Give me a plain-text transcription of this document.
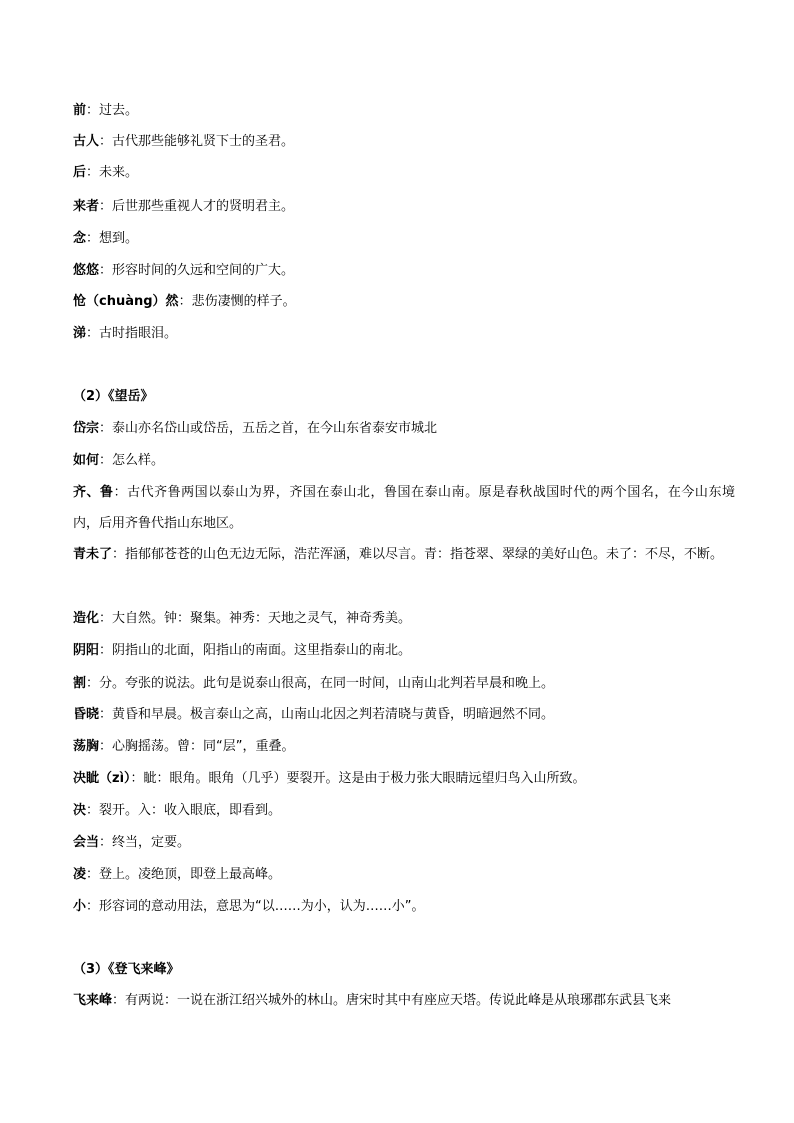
前：过去。

古人：古代那些能够礼贤下士的圣君。

后：未来。

来者：后世那些重视人才的贤明君主。

念：想到。

悠悠：形容时间的久远和空间的广大。

怆（chuàng）然：悲伤凄恻的样子。

涕：古时指眼泪。

（2）《望岳》

岱宗：泰山亦名岱山或岱岳，五岳之首，在今山东省泰安市城北

如何：怎么样。

齐、鲁：古代齐鲁两国以泰山为界，齐国在泰山北，鲁国在泰山南。原是春秋战国时代的两个国名，在今山东境内，后用齐鲁代指山东地区。

青未了：指郁郁苍苍的山色无边无际，浩茫浑涵，难以尽言。青：指苍翠、翠绿的美好山色。未了：不尽，不断。

造化：大自然。钟：聚集。神秀：天地之灵气，神奇秀美。

阴阳：阴指山的北面，阳指山的南面。这里指泰山的南北。

割：分。夸张的说法。此句是说泰山很高，在同一时间，山南山北判若早晨和晚上。

昏晓：黄昏和早晨。极言泰山之高，山南山北因之判若清晓与黄昏，明暗迥然不同。

荡胸：心胸摇荡。曾：同“层”，重叠。

决眦（zì）：眦：眼角。眼角（几乎）要裂开。这是由于极力张大眼睛远望归鸟入山所致。

决：裂开。入：收入眼底，即看到。

会当：终当，定要。

凌：登上。凌绝顶，即登上最高峰。

小：形容词的意动用法，意思为“以……为小，认为……小”。

（3）《登飞来峰》

飞来峰：有两说：一说在浙江绍兴城外的林山。唐宋时其中有座应天塔。传说此峰是从琅琊郡东武县飞来
